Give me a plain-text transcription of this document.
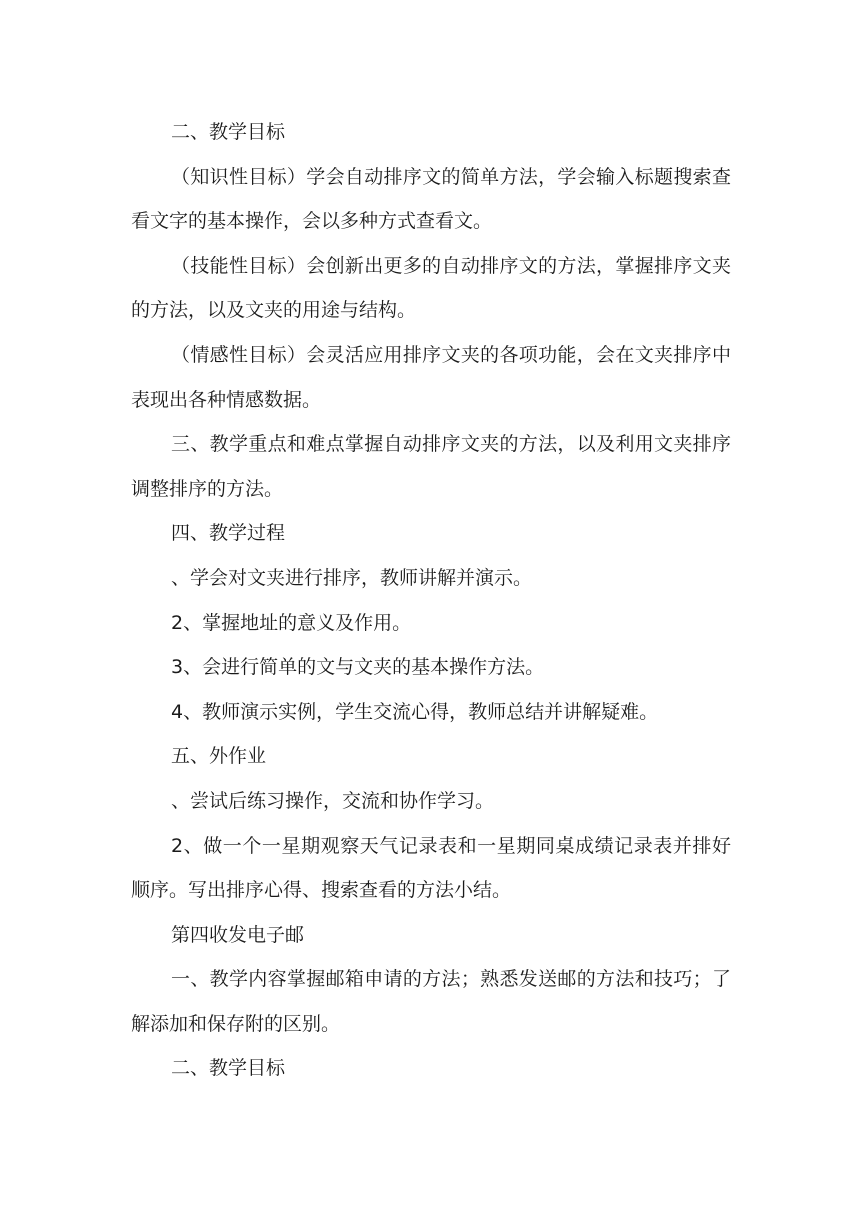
二、教学目标

（知识性目标）学会自动排序文的简单方法，学会输入标题搜索查看文字的基本操作，会以多种方式查看文。

（技能性目标）会创新出更多的自动排序文的方法，掌握排序文夹的方法，以及文夹的用途与结构。

（情感性目标）会灵活应用排序文夹的各项功能，会在文夹排序中表现出各种情感数据。

三、教学重点和难点掌握自动排序文夹的方法，以及利用文夹排序调整排序的方法。

四、教学过程

、学会对文夹进行排序，教师讲解并演示。

2、掌握地址的意义及作用。

3、会进行简单的文与文夹的基本操作方法。

4、教师演示实例，学生交流心得，教师总结并讲解疑难。

五、外作业

、尝试后练习操作，交流和协作学习。

2、做一个一星期观察天气记录表和一星期同桌成绩记录表并排好顺序。写出排序心得、搜索查看的方法小结。

第四收发电子邮

一、教学内容掌握邮箱申请的方法；熟悉发送邮的方法和技巧；了解添加和保存附的区别。

二、教学目标
